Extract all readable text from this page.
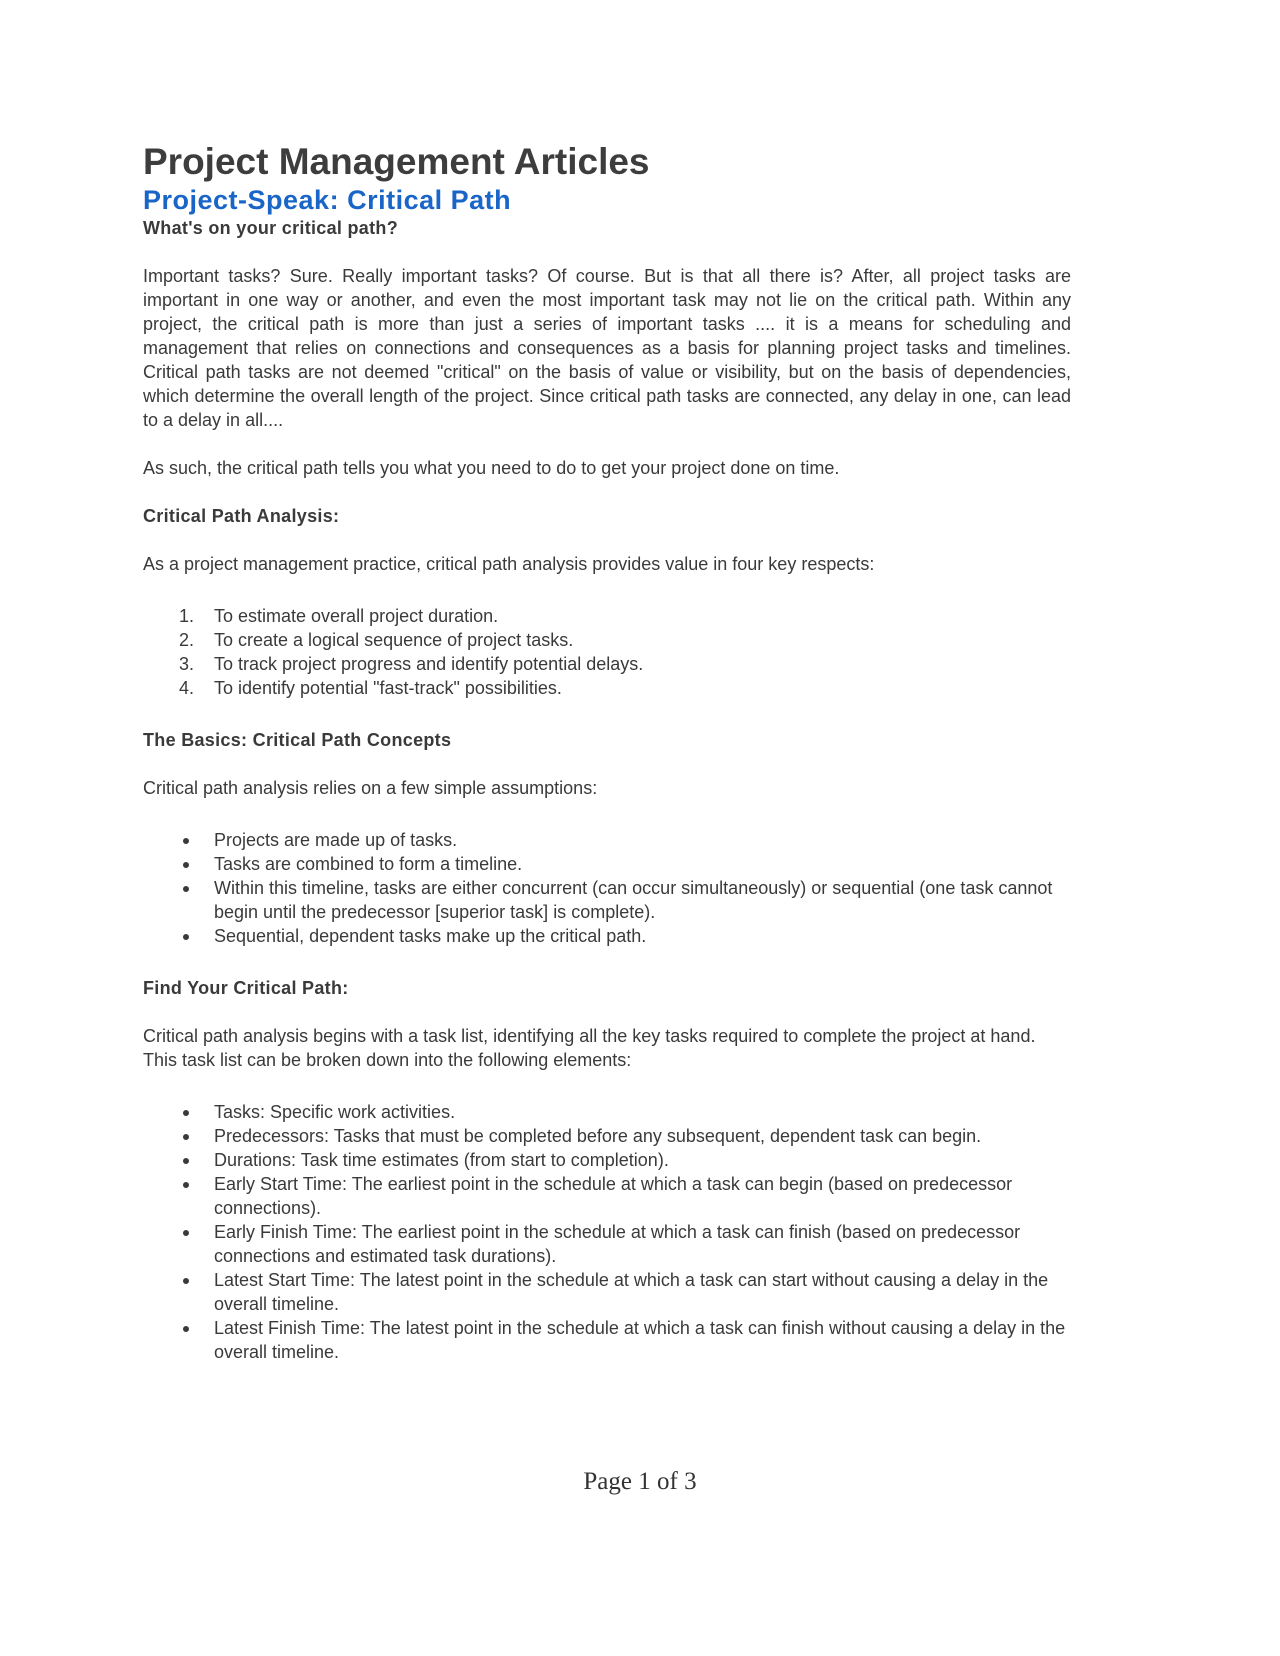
Project Management Articles
Project-Speak: Critical Path
What's on your critical path?

Important tasks? Sure. Really important tasks? Of course. But is that all there is? After, all project tasks are important in one way or another, and even the most important task may not lie on the critical path. Within any project, the critical path is more than just a series of important tasks .... it is a means for scheduling and management that relies on connections and consequences as a basis for planning project tasks and timelines. Critical path tasks are not deemed "critical" on the basis of value or visibility, but on the basis of dependencies, which determine the overall length of the project. Since critical path tasks are connected, any delay in one, can lead to a delay in all....

As such, the critical path tells you what you need to do to get your project done on time.

Critical Path Analysis:

As a project management practice, critical path analysis provides value in four key respects:

1. To estimate overall project duration.
2. To create a logical sequence of project tasks.
3. To track project progress and identify potential delays.
4. To identify potential "fast-track" possibilities.
The Basics: Critical Path Concepts

Critical path analysis relies on a few simple assumptions:

Projects are made up of tasks.
Tasks are combined to form a timeline.
Within this timeline, tasks are either concurrent (can occur simultaneously) or sequential (one task cannot begin until the predecessor [superior task] is complete).
Sequential, dependent tasks make up the critical path.
Find Your Critical Path:

Critical path analysis begins with a task list, identifying all the key tasks required to complete the project at hand. This task list can be broken down into the following elements:

Tasks: Specific work activities.
Predecessors: Tasks that must be completed before any subsequent, dependent task can begin.
Durations: Task time estimates (from start to completion).
Early Start Time: The earliest point in the schedule at which a task can begin (based on predecessor connections).
Early Finish Time: The earliest point in the schedule at which a task can finish (based on predecessor connections and estimated task durations).
Latest Start Time: The latest point in the schedule at which a task can start without causing a delay in the overall timeline.
Latest Finish Time: The latest point in the schedule at which a task can finish without causing a delay in the overall timeline.
Page 1 of 3
